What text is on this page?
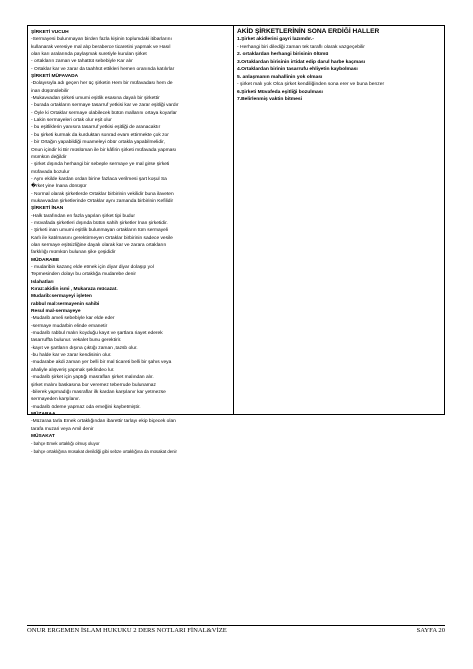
ŞİRKETİ VUCUH
-Sermayesi bulunmayan birden fazla kişinin toplumdaki itibarlarını
kullanarak veresiye mal alıp beraberce ticaretini yapmak ve Hasıl
olan karı aralarında paylaşmak suretiyle kurulan şirket
- ortakların zaman ve tahattüt sebebiyle Kar alır
- Ortaklar kar ve zarar da taahhüt ettikleri hemen oranında katılırlar
ŞİRKETİ MÜFAVADA
-Dolayısıyla adı geçen her üç şirketin Hem bir müfavadası hem de
inan düşünülebilir
-Mukavvadan şirketi umumi eşitlik esasına dayalı bir şirkettir
- burada ortakların sermaye tasarruf yetkisi kar ve zarar eşitliği vardır
- Öyle ki Ortaklar sermaye olabilecek bütün mallarını ortaya koyarlar
- Lakin sermayeleri ortak olur eşit olur
- bu eşitliklerin yanısıra tasarruf yetkisi eşitliği de aranacaktır
- bu şirketi kurmak da kurduktan sonrad evam ettirmekte çok zor
- bir Ortağın yapabildiği muameleyi öbür ortakla yapabilmelidir,
Onun içindir ki Bir müslüman ile bir kâfirin şirketi müfavada yapması
mümkün değildir
- şirket dışında herhangi bir sebeple sermaye ye mal girse şirketi
müfavada bozulur
- Aynı ekilde kardan ordan birine fazlaca verilmesi şart koşul Sa
�rket yine İnana dönüşür
- Normal olarak şirketlerde Ortaklar birbirinin vekilidir buna ilaveten
mukavvadan şirketlerinde Ortaklar aynı zamanda birbirinin Kefilidir
ŞİRKETİ İNAN
-Halk tarafından en fazla yapılan şirket tipi budur
- müvafada şirketleri dışında bütün sahih şirketler İnan şirketidir.
- Şirketi inan umumi eşitlik bulunmayan ortakların tüm sermayeli
Karlı ile katılmasını gerektirmeyen Ortaklar birbirinin sadece vesile
olan sermaye eşitsizliğine dayalı olarak kar ve zarara ortakların
farklılığı mümkün bulunan şike çeşididir
MÜDARABE
- mudaribin kazanç elde etmek için diyar diyar dolaşıp yol
Tepmesinden dolayı bu ortaklığa mudarebe denir
Islahatları
Kıraz:akidin ismi , Mukaraza mücazat.
Mudarib:sermayeyi işleten
rabbul mal:sermayenin sahibi
Resul mal-sermayeye
-Mudarib ameli sebebiyle kar elde eder
-sermaye mudarbin elinde emanetir
-mudarib rabbul malın koyduğu kayıt ve şartlara riayet ederek
tasarruffta bulunur. vekalet bunu gerektirir.
-kayıt ve şartların dışına çıktığı zaman ,tazsb olur.
-bu halde kar ve zarar kendisinin olur.
-mudarabe akdi zaman yer belli bir mal ticareti belli bir şahıs veya
ahaliyle alışveriş yapmak şeklindeo lur.
-mudarib şirket için yaptığı masrafları şirket malından alır.
şirket malını baskasına bor veremez teberrude bulunamaz
-bilerek yapmadığı masraflar ilk kardan karşılanır kar yetmezse
sermayeden karşılanır.
-mudarib ödeme yapmaz oda emeğini kaybetmiştir.
MÜZARAA
-Müzaraa tarla Emek ortaklığından ibarettir tarlayı ekip biçecek olan
tarafa muzari veya Amil denir
MÜSAKAT
- bahçe Emek ortaklığı olmuş oluyor
- bahçe ortaklığına müsakat denildiği gibi sebze ortaklığına da müsakat denir
AKİD ŞİRKETLERİNİN SONA ERDİĞİ HALLER
1.Şirket akidlerini gayri lazımdır.-
- Herhangi biri dilediği zaman tek taraflı olarak vazgeçebilir
2. ortaklardan herhangi birisinin ölümü
3.Ortaklardan birisinin irtidat edip darul harbe kaçması
4.Ortaklardan birinin tasarrufu ehliyetin kaybolması
5. anlaşmanın mahallinin yok olması
- şirket malı yok Olca şirket kendiliğinden sona erer ve buna benzer
6.Şirketi Müvafeda eşitliği bozulması
7.Belirlenmiş vaktin bitmesi
ONUR ERGEMEN İSLAM HUKUKU 2 DERS NOTLARI FİNAL&VİZE	SAYFA 20
